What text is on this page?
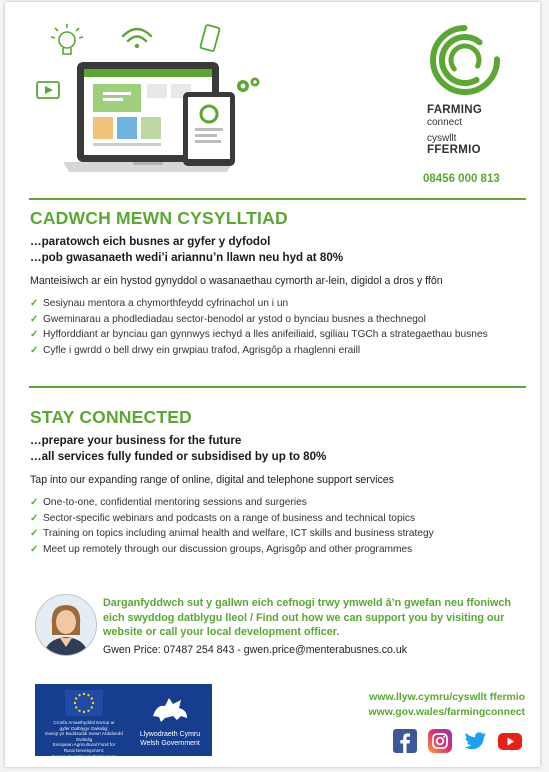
FARMING
connect
cyswllt
FFERMIO
08456 000 813
CADWCH MEWN CYSYLLTIAD
…paratowch eich busnes ar gyfer y dyfodol
…pob gwasanaeth wedi’i ariannu’n llawn neu hyd at 80%
Manteisiwch ar ein hystod gynyddol o wasanaethau cymorth ar-lein, digidol a dros y ffôn
✓ Sesiynau mentora a chymorthfeydd cyfrinachol un i un
✓ Gweminarau a phodlediadau sector-benodol ar ystod o bynciau busnes a thechnegol
✓ Hyfforddiant ar bynciau gan gynnwys iechyd a lles anifeiliaid, sgiliau TGCh a strategaethau busnes
✓ Cyfle i gwrdd o bell drwy ein grwpiau trafod, Agrisgôp a rhaglenni eraill
STAY CONNECTED
…prepare your business for the future
…all services fully funded or subsidised by up to 80%
Tap into our expanding range of online, digital and telephone support services
✓ One-to-one, confidential mentoring sessions and surgeries
✓ Sector-specific webinars and podcasts on a range of business and technical topics
✓ Training on topics including animal health and welfare, ICT skills and business strategy
✓ Meet up remotely through our discussion groups, Agrisgôp and other programmes
Darganfyddwch sut y gallwn eich cefnogi trwy ymweld â’n gwefan neu ffoniwch eich swyddog datblygu lleol / Find out how we can support you by visiting our website or call your local development officer.
Gwen Price: 07487 254 843 - gwen.price@menterabusnes.co.uk
Cronfa Amaethyddol Ewrop ar
gyfer Datblygu Gwledig:
Ewrop yn Buddsoddi mewn Ardaloedd Gwledig
European Agricultural Fund for
Rural Development:
Europe Investing in Rural Areas
Llywodraeth Cymru
Welsh Government
www.llyw.cymru/cyswllt ffermio
www.gov.wales/farmingconnect
